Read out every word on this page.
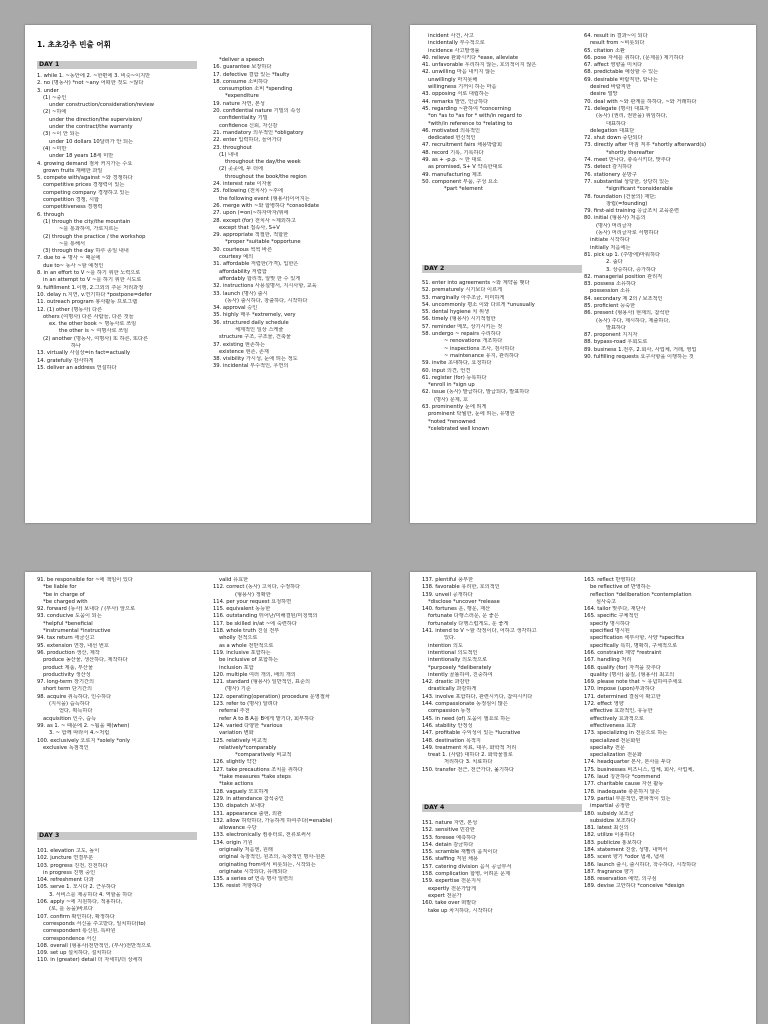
1. 초초강추 빈출 어휘
DAY 1
1. while 1. ~동안에 2. ~한편에 3. 비슷~이지만
2. no (명동사) *not ~any 어떠한 것도 ~않다
3. under
(1) ~중인
under construction/consideration/review
(2) ~하에
under the direction/the supervision/
under the contract/the warranty
(3) ~이 안 되는
under 10 dollars 10달러가 안 되는
(4) ~미만
under 18 years 18세 미만
4. growing demand 점차 커지가는 수요
grown fruits 재배한 과일
5. compete with/against ~와 경쟁하다
competitive prices 경쟁력이 있는
competing company 경쟁하고 있는
competition 경쟁, 시합
competitiveness 경쟁력
6. through
(1) through the city/the mountain
~를 통과하여, 가로지르는
(2) through the practice / the workshop
~를 통해서
(3) through the day 하루 종일 내내
7. due to + 명사 ~ 때문에
due to~ 동사 ~할 예정인
8. in an effort to V ~를 하기 위한 노력으로
in an attempt to V ~를 하기 위한 시도로
9. fulfillment 1.이행, 2.그외의 주문 처리과정
10. delay n.지연, v.연기하다 *postpone=defer
11. outreach program 봉사활동 프로그램
12. (1) other (명동사) 다른
others (여명사) 다른 사람들, 다른 것들
ex. the other book ~ 명동사로 쓰임
the other is ~ 여명사로 쓰임
(2) another (명동사, 여명사) 또 하른, 또다른
하나
13. virtually 사실상=in fact=actually
14. gratefully 감사하게
15. deliver an address 연설하다
*deliver a speech
16. guarantee 보장하다
17. defective 결함 있는 *faulty
18. consume 소비하다
consumption 소비 *spending
*expenditure
19. nature 자연, 본성
20. confidential nature 기밀의 속성
confidentiality 기밀
confidence 신뢰, 자신감
21. mandatory 의무적인 *obligatory
22. enter 입력하다, 들어가다
23. throughout
(1) 내내
throughout the day/the week
(2) 곳곳에, 두 더에
throughout the book/the region
24. interest rate 이자율
25. following (전치사) ~후에
the following event (형용사)이어지는
26. merge with ~와 합병하다 *consolidate
27. upon (=on)~하자마자/위에
28. except (for) 전치사 ~제외하고
except that 접속사, S+V
29. appropriate 적절한, 적합한
*proper *suitable *opportune
30. courteous 씩씩 바른
courtesy 예의
31. affordable 저렴한(가격), 입한은
affordability 저렴함
affordably 합리적, 알맞 한 수 있게
32. instructions 사용설명서, 지시사항, 교육
33. launch (명사) 출시
(동사) 출시하다, 창출하다, 시작하다
34. approval 승인
35. highly 매우 *extremely, very
36. structured daily schedule
체계적인 일상 스케줄
structure 구조, 구조물, 건축물
37. existing 현존하는
existence 현존, 존재
38. visibility 가시성, 눈에 띄는 정도
39. incidental 부수적인, 우연의
incident 사건, 사고
incidentally 부수적으로
incidence 사고발생률
40. relieve 완화시키다 *ease, alleviate
41. unfavorable 우리하지 않는, 호의적이지 않은
42. unwilling 마음 내키지 않는
unwillingly 마지못해
willingness 기꺼이 하는 마음
43. opposing 서로 대립하는
44. remarks 발언, 언급하다
45. regarding ~관하여 *concerning
*on *as to *as for * with/in regard to
*with/in reference to *relating to
46. motivated 의욕적인
dedicated 헌신적인
47. recruitment fairs 채용박람회
48. record 기록, 기록하다
49. as + -p.p. ~ 한 대로
as promised, S+ V 약속한대로
49. manufacturing 제조
50. component 부품, 구성 요소
*part *element
DAY 2
51. enter into agreements ~와 계약을 맺다
52. prematurely 시기보다 이르게
53. marginally 아주조금, 미미하게
54. uncommonly 평소 이와 다르게 *unusually
55. dental hygiene 치 위생
56. timely (형용사) 시기적절한
57. reminder 메모, 상기시키는 것
58. undergo ~ repairs 수리하다
~ renovations 개조하다
~ inspections 조사, 검사하다
~ maintenance 유지, 관리하다
59. invite 초대하다, 요청하다
60. input 의견, 언견
61. register (for) 등록하다
*enroll in *sign up
62. issue (동사) 발급하다, 발급되다, 발표하다
(명사) 문제, 호
63. prominently 눈에 띄게
prominent 탁월한, 눈에 띄는, 유명한
*noted *renowned
*celebrated well known
64. result in 결과~이 되다
result from ~비롯되다
65. citation 소환
66. pose 자세를 취하다, (문제를) 제기하다
67. affect 영향을 미치다
68. predictable 예상할 수 있는
69. desirable 바람직한, 탐나는
desired 바람직한
desire 열망
70. deal with ~와 관계를 하하다, ~와 거래하다
71. delegate (명사) 대표자
(동사) (권리, 권한을) 위임하다,
대표하다
delegation 대표단
72. shut down 중단되다
73. directly after 마침 직후 *shortly afterward(s)
*shortly thereafter
74. meet 만나다, 충족시키다, 맞추다
75. detect 감지하다
76. stationery 문방구
77. substantial 상당한, 상당히 있는
*significant *considerable
78. foundation (건물의) 재단;
창립(=founding)
79. first-aid training 응급조치 교육훈련
80. initial (형용사) 처음의
(명사) 머리글자
(동사) 머리글자로 서명하다
initiate 시작하다
initially 처음에는
81. pick up 1. (주방에)마워하다
2. 줍다
3. 상승하다, 증가하다
82. managerial position 관리직
83. possess 소유하다
possession 소유
84. secondary 제 2의 / 보조적인
85. proficient 능숙한
86. present (형용사) 현재의, 참석한
(동사) 주다, 제시하다, 제출하다,
발표하다
87. proponent 지지자
88. bypass-road 우회도로
89. business 1.전후, 2.회사, 사업체, 거래, 영업
90. fulfilling requests 요구사항을 이행하는 것
91. be responsible for ~에 책임이 있다
*be liable for
*be in charge of
*be charged with
92. forward (동사) 보내다 / (부사) 앞으로
93. conducive 도움이 되는
*helpful *beneficial
*instrumental *instructive
94. tax return 세금신고
95. extension 연장, 내선 번호
96. production 생산, 제작
produce 농산물, 생산하다, 제작하다
product 제품, 부산물
productivity 생산성
97. long-term 장기간의
short term 단기간의
98. acquire 취득하다, 인수하다
(지식을) 습득하다
얻다, 획득하다
acquisition 인수, 습득
99. as 1. ~ 때문에 2. ~됨을 때(when)
3. ~ 함께 따라서 4.~처럼
100. exclusively 오로지 *solely *only
exclusive 독점적인
DAY 3
101. elevation 고도, 높이
102. juncture 연결부분
103. progress 진전, 진전하다
in progress 진행 중인
104. refreshment 다과
105. serve 1. 모시다 2. 근무하다
3. 서비스를 제공하다 4. 역할을 하다
106. apply ~에 지원하다, 적용하다,
(로, 를 등을)바르다
107. confirm 확인하다, 확정하다
corresponds 서신을 주고받다, 일치하다(to)
correspondent 통신원, 특파원
correspondence 서신
108. overall (형용사)전반적인, (부사)전반적으로
109. set up 설치하다, 설치하다
110. in (greater) detail 더 자세히/더 상세히
valid 유효한
112. correct (동사) 고치다, 수정하다
(형용사) 정확한
114. per your request 요청하면
115. equivalent 동등한
116. outstanding 뛰어난/미해결된/미청액의
117. be skilled in/at ~에 숙련하다
118. whole truth 진실 전부
wholly 전적으로
as a whole 전반적으로
119. inclusive 포함하는
be inclusive of 포함하는
inclusion 포함
120. multiple 여러 개의, 배의 개의
121. standard (형용사) 일반적인, 표준의
(명사) 기준
122. operating(operation) procedure 운영절차
123. refer to (명사) 알려다
referral 추천
refer A to B A를 B에게 맡기다, 회부하다
124. varied 다양한 *various
variation 변화
125. relatively 비교적
relatively*comparably
*comparatively 비교적
126. slightly 약간
127. take precautions 조치를 취하다
*take measures *take steps
*take actions
128. vaguely 모호하게
129. in attendance 참석중인
130. dispatch 보내다
131. appearance 출현, 외관
132. allow 허락하다, 가능하게 하여주다(=enable)
allowance 수당
133. electronically 컴퓨터로, 전류로써서
134. origin 기원
originally 처음엔, 원래
original 독창적인, 원조의, 독창적인 명사-원본
originating from에서 비롯되는, 시작되는
originate 시작되다, 유래되다
135. a series of 연속 명사 일련의
136. resist 저항하다
137. plentiful 풍부한
138. favorable 유리한, 호의적인
139. unveil 공개하다
*disclose *uncover *release
140. fortunes 운, 행운, 재산
fortunate 다행스러운, 운 좋은
fortunately 다행스럽게도, 운 좋게
141. intend to V ~할 작정이다, 어하고 생각하고
있다.
intention 의도
intentional 의도적인
intentionally 의도적으로
*purposely *deliberately
intently 골똘하여, 진중하여
142. drastic 과감한
drastically 과감하게
143. involve 포함하다, 관련시키다, 참여시키다
144. compassionate 동정심이 많은
compassion 동정
145. in need (of) 도움이 필요로 하는
146. stability 안정성
147. profitable 수익성이 있는 *lucrative
148. destination 목적지
149. treatment 치료, 대우, 화학적 처리
treat 1. (사람) 대하다 2. 화학물질로
처리하다 3. 치료하다
150. transfer 전근, 전근가다, 옮기하다
DAY 4
151. nature 자연, 본성
152. sensitive 민감한
153. foresee 예측하다
154. detain 감금하다
155. scramble 재빨리 움직이다
156. staffing 직원 채용
157. catering division 음식 공급부서
158. complication 합병, 어려운 문제
159. expertise 전문지식
expertly 전문가답게
expert 전문가
160. take over 떠맡다
take up 차지하다, 시작하다
163. reflect 반영하다
be reflective of 반영하는
reflection *deliberation *contemplation
심사숙고
164. tailor 맞추다, 재단사
165. specific 구체적인
specify 명시하다
specified 명시된
specification 세부사항, 사양 *specifics
specifically 특히, 명확히, 구체적으로
166. constraint 제약 *restraint
167. handling 처리
168. qualify (for) 자격을 갖추다
quality (명사) 품질, (형용사) 최고의
169. please note that ~ 유념하여주세요
170. impose (upon)부과하다
171. determined 결심이 확고한
172. effect 영향
effective 효과적인, 유능한
effectively 효과적으로
effectiveness 효과
173. specializing in 전문으로 하는
specialized 전문화된
specialty 전문
specialization 전문화
174. headquarter 본사, 본사를 두다
175. businesses 비즈니스, 업체, 회사, 사업체,
176. laud 칭찬하다 *commend
177. charitable cause 자선 활동
178. inadequate 충분하지 않은
179. partial 부분적인, 편파적이 있는
impartial 공정한
180. subsidy 보조금
subsidize 보조하다
181. latest 최신의
182. utilize 이용하다
183. publicize 홍보하다
184. statement 진술, 성명, 내역서
185. scent 향기 *odor 냄새, 냄새
186. launch 출시, 출시하다, 착수하다, 시작하다
187. fragrance 향기
188. reservation 예약, 의구심
189. devise 고안하다 *conceive *design
